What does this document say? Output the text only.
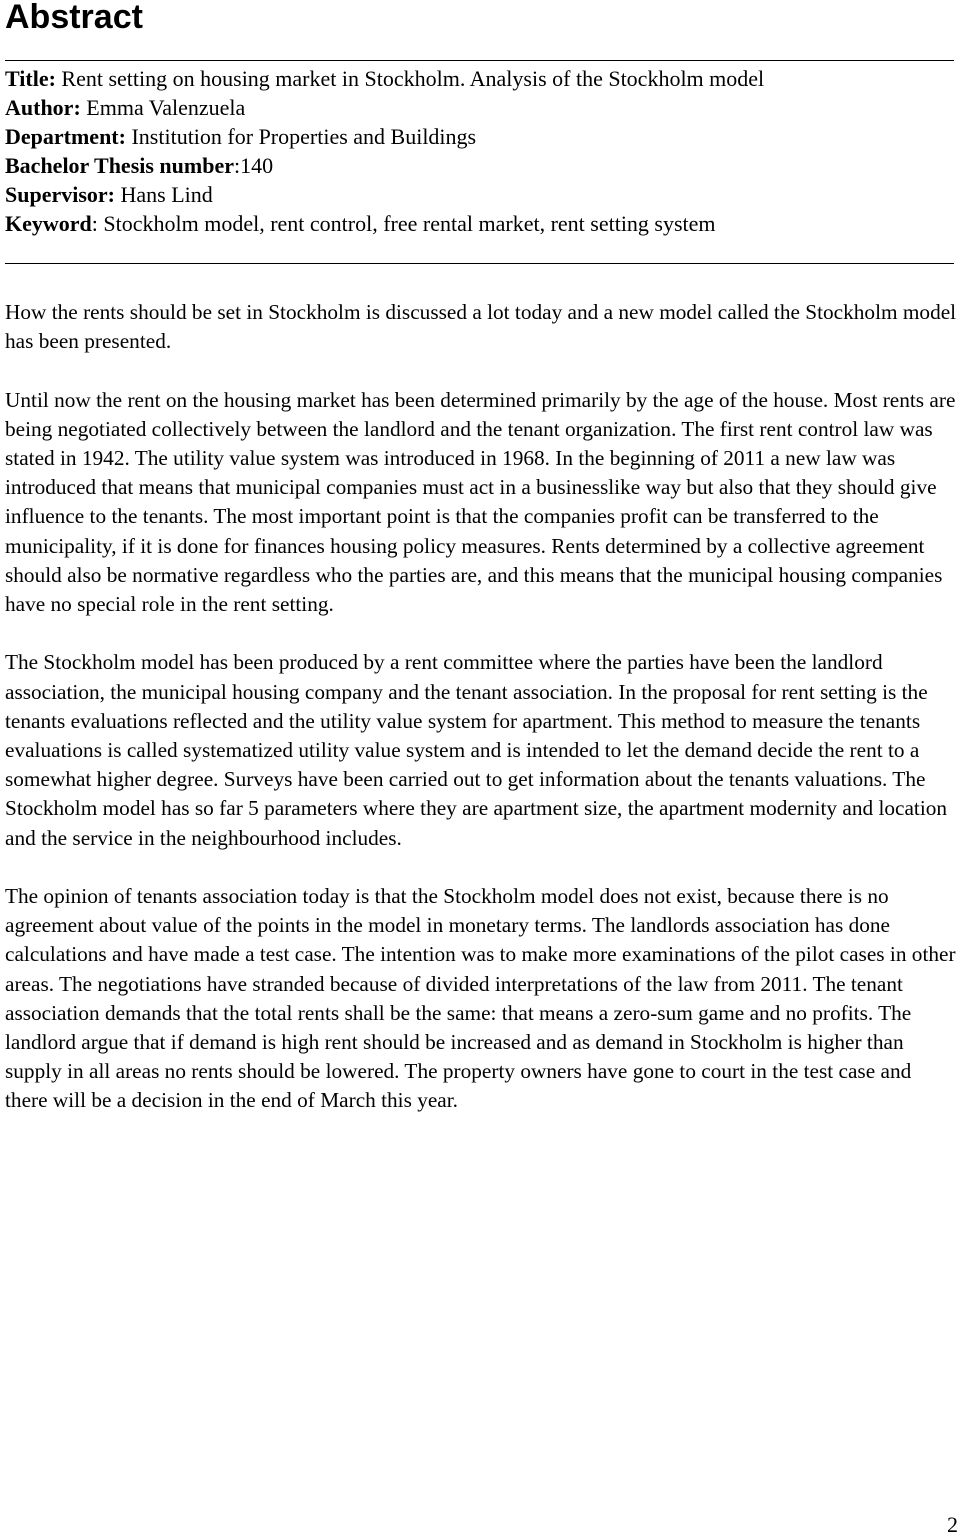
Abstract
Title: Rent setting on housing market in Stockholm. Analysis of the Stockholm model
Author: Emma Valenzuela
Department: Institution for Properties and Buildings
Bachelor Thesis number:140
Supervisor: Hans Lind
Keyword: Stockholm model, rent control, free rental market, rent setting system

How the rents should be set in Stockholm is discussed a lot today and a new model called the Stockholm model has been presented.

Until now the rent on the housing market has been determined primarily by the age of the house. Most rents are being negotiated collectively between the landlord and the tenant organization. The first rent control law was stated in 1942. The utility value system was introduced in 1968. In the beginning of 2011 a new law was introduced that means that municipal companies must act in a businesslike way but also that they should give influence to the tenants. The most important point is that the companies profit can be transferred to the municipality, if it is done for finances housing policy measures. Rents determined by a collective agreement should also be normative regardless who the parties are, and this means that the municipal housing companies have no special role in the rent setting.

The Stockholm model has been produced by a rent committee where the parties have been the landlord association, the municipal housing company and the tenant association. In the proposal for rent setting is the tenants evaluations reflected and the utility value system for apartment. This method to measure the tenants evaluations is called systematized utility value system and is intended to let the demand decide the rent to a somewhat higher degree. Surveys have been carried out to get information about the tenants valuations. The Stockholm model has so far 5 parameters where they are apartment size, the apartment modernity and location and the service in the neighbourhood includes.

The opinion of tenants association today is that the Stockholm model does not exist, because there is no agreement about value of the points in the model in monetary terms. The landlords association has done calculations and have made a test case. The intention was to make more examinations of the pilot cases in other areas. The negotiations have stranded because of divided interpretations of the law from 2011. The tenant association demands that the total rents shall be the same: that means a zero-sum game and no profits. The landlord argue that if demand is high rent should be increased and as demand in Stockholm is higher than supply in all areas no rents should be lowered. The property owners have gone to court in the test case and there will be a decision in the end of March this year.

2
